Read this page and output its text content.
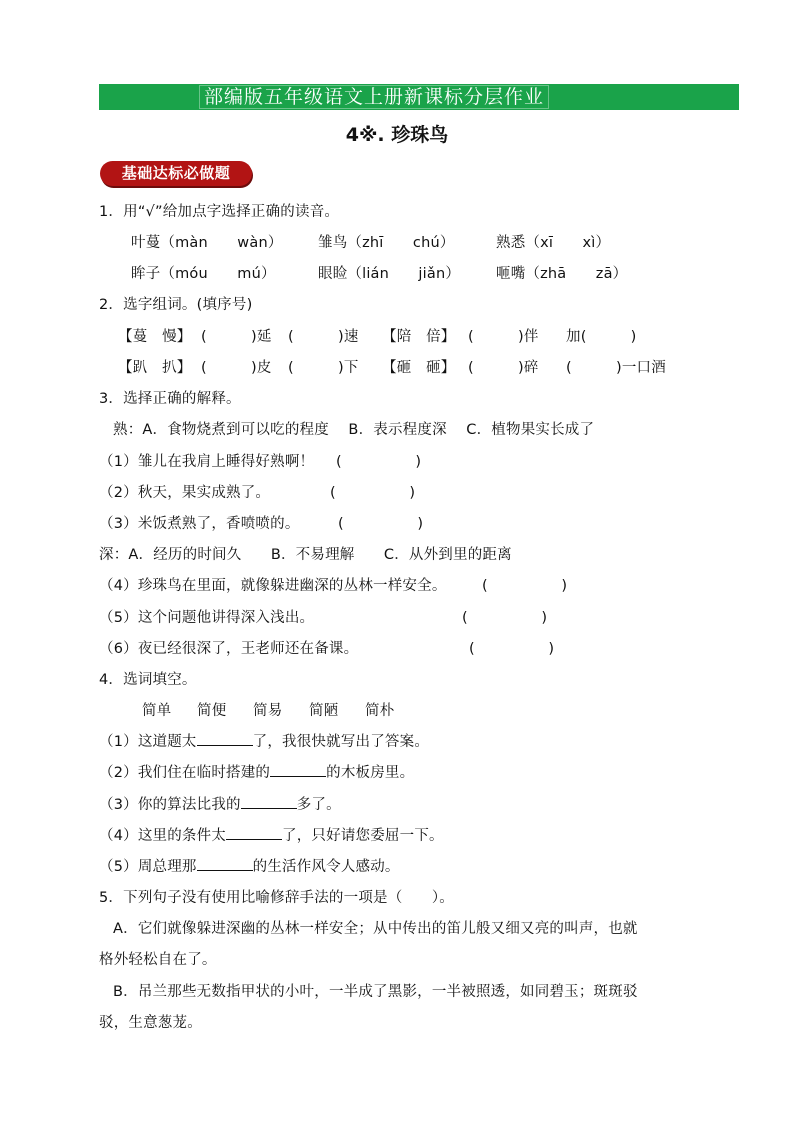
部编版五年级语文上册新课标分层作业
4※. 珍珠鸟
基础达标必做题
1．用“√”给加点字选择正确的读音。
叶蔓（màn　　wàn） 雏鸟（zhī　　chú）	熟悉（xī　　xì）
眸子（móu　　mú）	眼睑（lián　　jiǎn） 咂嘴（zhā　　zā）
2．选字组词。(填序号)
【蔓　慢】 (　　　)延 (　　　)速 【陪　倍】 (　　　)伴 加(　　　)
【趴　扒】 (　　　)皮 (　　　)下 【砸　砸】 (　　　)碎 (　　　)一口酒
3．选择正确的解释。
熟：A．食物烧煮到可以吃的程度　 B．表示程度深　 C．植物果实长成了
（1）雏儿在我肩上睡得好熟啊！ (　　　　　)
（2）秋天，果实成熟了。	(　　　　　)
（3）米饭煮熟了，香喷喷的。	(　　　　　)
深：A．经历的时间久　　B．不易理解　　C．从外到里的距离
（4）珍珠鸟在里面，就像躲进幽深的丛林一样安全。 (　　　　　)
（5）这个问题他讲得深入浅出。	(　　　　　)
（6）夜已经很深了，王老师还在备课。	(　　　　　)
4．选词填空。
简单 简便 简易 简陋 简朴
（1）这道题太	了，我很快就写出了答案。
（2）我们住在临时搭建的	的木板房里。
（3）你的算法比我的	多了。
（4）这里的条件太	了，只好请您委屈一下。
（5）周总理那	的生活作风令人感动。
5．下列句子没有使用比喻修辞手法的一项是（　　）。
A．它们就像躲进深幽的丛林一样安全；从中传出的笛儿般又细又亮的叫声，也就
格外轻松自在了。
B．吊兰那些无数指甲状的小叶，一半成了黑影，一半被照透，如同碧玉；斑斑驳
驳，生意葱茏。
